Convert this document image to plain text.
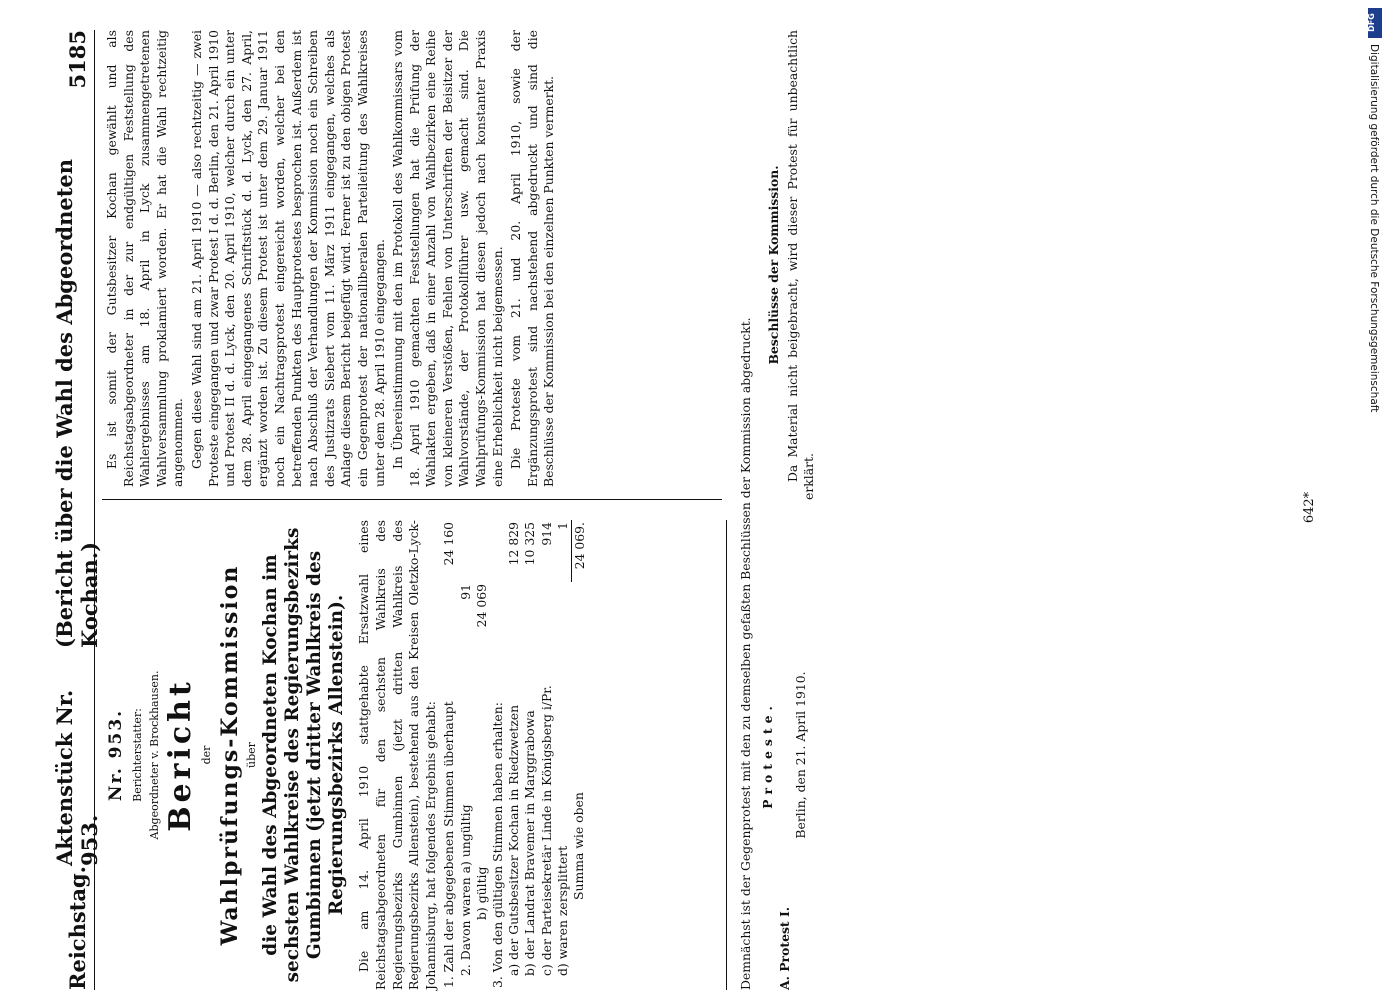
Reichstag.
Aktenstück Nr. 953.
(Bericht über die Wahl des Abgeordneten Kochan.)
5185
Nr. 953. Berichterstatter: Abgeordneter v. Brockhausen. Bericht der Wahlprüfungs-Kommission über die Wahl des Abgeordneten Kochan im sechsten Wahlkreise des Regierungsbezirks Gumbinnen (jetzt dritter Wahlkreis des Regierungsbezirks Allenstein). Die am 14. April 1910 stattgehabte Ersatzwahl eines Reichstagsabgeordneten für den sechsten Wahlkreis des Regierungsbezirks Gumbinnen (jetzt dritten Wahlkreis des Regierungsbezirks Allenstein), bestehend aus den Kreisen Oletzko-Lyck-Johannisburg, hat folgendes Ergebnis gehabt: 1. Zahl der abgegebenen Stimmen überhaupt		24 160
2. Davon waren a) ungültig	91	
b) gültig	24 069	
3. Von den gültigen Stimmen haben erhalten:		
a) der Gutsbesitzer Kochan in Riedzwetzen		12 829
b) der Landrat Bravemer in Marggrabowa		10 325
c) der Parteisekretär Linde in Königsberg i/Pr.		914
d) waren zersplittert		1
Summa wie oben		24 069.

Es ist somit der Gutsbesitzer Kochan gewählt und als Reichstagsabgeordneter in der zur endgültigen Feststellung des Wahlergebnisses am 18. April in Lyck zusammengetretenen Wahlversammlung proklamiert worden. Er hat die Wahl rechtzeitig angenommen. Gegen diese Wahl sind am 21. April 1910 — also rechtzeitig — zwei Proteste eingegangen und zwar Protest I d. d. Berlin, den 21. April 1910 und Protest II d. d. Lyck, den 20. April 1910, welcher durch ein unter dem 28. April eingegangenes Schriftstück d. d. Lyck, den 27. April, ergänzt worden ist. Zu diesem Protest ist unter dem 29. Januar 1911 noch ein Nachtragsprotest eingereicht worden, welcher bei den betreffenden Punkten des Hauptprotestes besprochen ist. Außerdem ist nach Abschluß der Verhandlungen der Kommission noch ein Schreiben des Justizrats Siebert vom 11. März 1911 eingegangen, welches als Anlage diesem Bericht beigefügt wird. Ferner ist zu den obigen Protest ein Gegenprotest der nationalliberalen Parteileitung des Wahlkreises unter dem 28. April 1910 eingegangen. In Übereinstimmung mit den im Protokoll des Wahlkommissars vom 18. April 1910 gemachten Feststellungen hat die Prüfung der Wahlakten ergeben, daß in einer Anzahl von Wahlbezirken eine Reihe von kleineren Verstößen, Fehlen von Unterschriften der Beisitzer der Wahlvorstände, der Protokollführer usw. gemacht sind. Die Wahlprüfungs-Kommission hat diesen jedoch nach konstanter Praxis eine Erheblichkeit nicht beigemessen. Die Proteste vom 21. und 20. April 1910, sowie der Ergänzungsprotest sind nachstehend abgedruckt und sind die Beschlüsse der Kommission bei den einzelnen Punkten vermerkt.

Demnächst ist der Gegenprotest mit den zu demselben gefaßten Beschlüssen der Kommission abgedruckt. Proteste.
A. Protest I.
Berlin, den 21. April 1910.
Beschlüsse der Kommission. Da Material nicht beigebracht, wird dieser Protest für unbeachtlich erklärt.

DFG
Digitalisierung gefördert durch die Deutsche Forschungsgemeinschaft
642*
